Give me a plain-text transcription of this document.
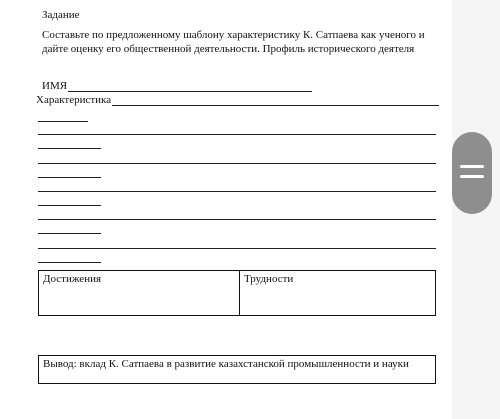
Задание
Составьте по предложенному шаблону характеристику К. Сатпаева как ученого и дайте оценку его общественной деятельности. Профиль исторического деятеля
ИМЯ
Характеристика
Достижения	Трудности
Вывод: вклад К. Сатпаева в развитие казахстанской промышленности и науки
